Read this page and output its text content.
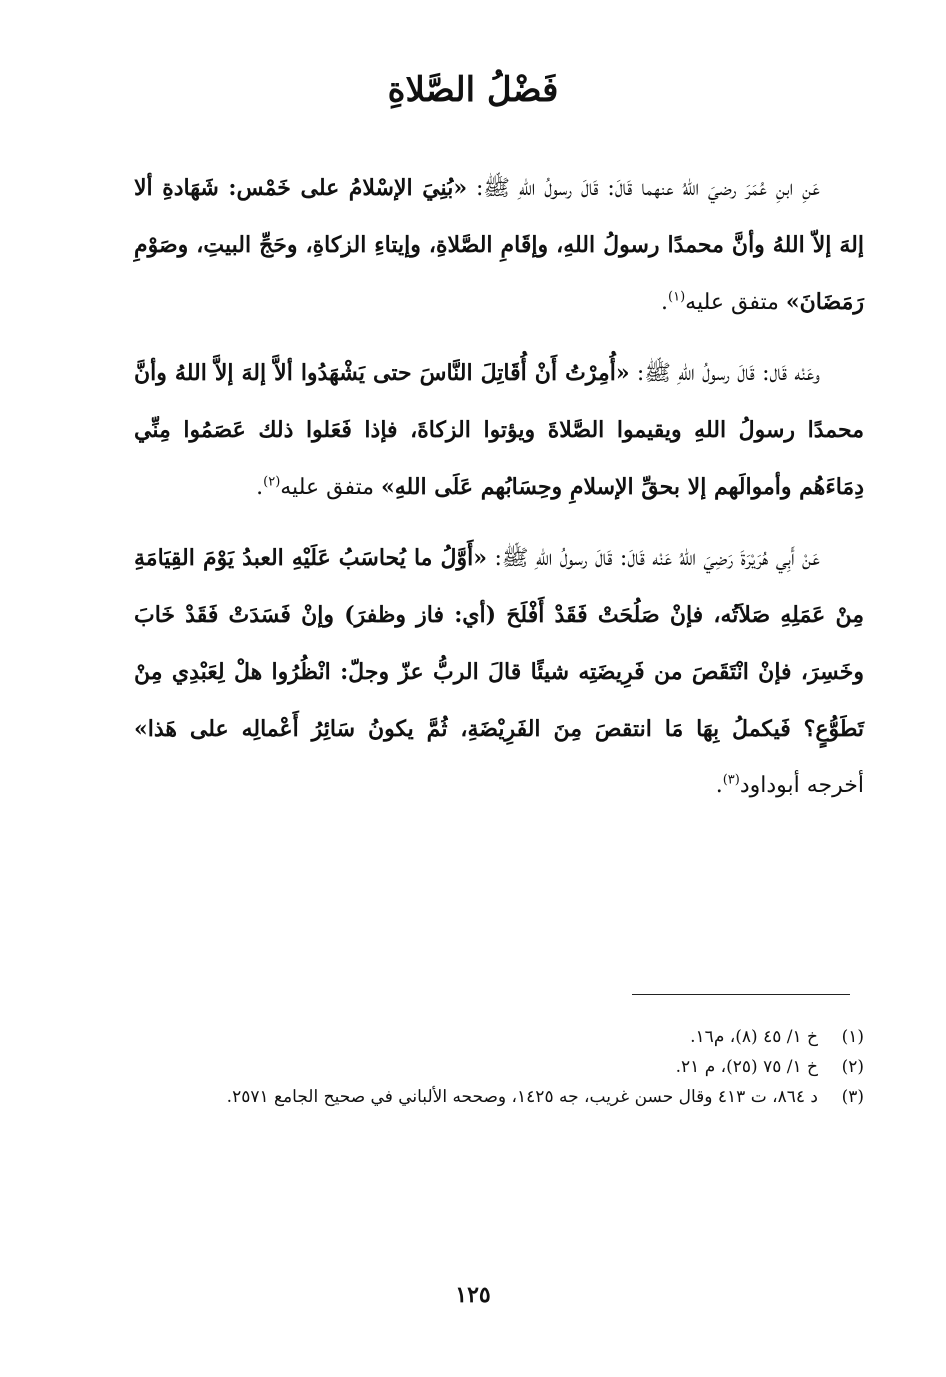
فَضْلُ الصَّلاةِ

عَنِ ابنِ عُمَرَ رضيَ اللهُ عنهما قَالَ: قَالَ رسولُ اللهِ ﷺ: «بُنِيَ الإسْلامُ على خَمْس: شَهَادةِ ألا إلهَ إلاّ اللهُ وأنَّ محمدًا رسولُ اللهِ، وإقَامِ الصَّلاةِ، وإيتاءِ الزكاةِ، وحَجِّ البيتِ، وصَوْمِ رَمَضَانَ» متفق عليه$^{(١)}$.

وعَنْه قَال: قَالَ رسولُ اللهِ ﷺ: «أُمِرْتُ أَنْ أُقَاتِلَ النَّاسَ حتى يَشْهَدُوا ألاَّ إلهَ إلاَّ اللهُ وأنَّ محمدًا رسولُ اللهِ ويقيموا الصَّلاةَ ويؤتوا الزكاةَ، فإذا فَعَلوا ذلك عَصَمُوا مِنِّي دِمَاءَهُم وأموالَهم إلا بحقِّ الإسلامِ وحِسَابُهم عَلَى اللهِ» متفق عليه$^{(٢)}$.

عَنْ أَبِي هُرَيْرَةَ رَضِيَ اللهُ عَنْه قَالَ: قَالَ رسولُ اللهِ ﷺ: «أَوَّلُ ما يُحاسَبُ عَلَيْهِ العبدُ يَوْمَ القِيَامَةِ مِنْ عَمَلِهِ صَلاَتُه، فإنْ صَلُحَتْ فَقَدْ أَفْلَحَ (أي: فاز وظفرَ) وإنْ فَسَدَتْ فَقَدْ خَابَ وخَسِرَ، فإنْ انْتَقَصَ من فَرِيضَتِه شيئًا قالَ الربُّ عزّ وجلّ: انْظُرُوا هلْ لِعَبْدِي مِنْ تَطَوُّعٍ؟ فَيكملُ بِهَا مَا انتقصَ مِنَ الفَرِيْضَةِ، ثُمَّ يكونُ سَائِرُ أَعْمالِه على هَذا» أخرجه أبوداود$^{(٣)}$.

(١)
خ ١/ ٤٥ (٨)، م١٦.
(٢)
خ ١/ ٧٥ (٢٥)، م ٢١.
(٣)
د ٨٦٤، ت ٤١٣ وقال حسن غريب، جه ١٤٢٥، وصححه الألباني في صحيح الجامع ٢٥٧١.
١٢٥
